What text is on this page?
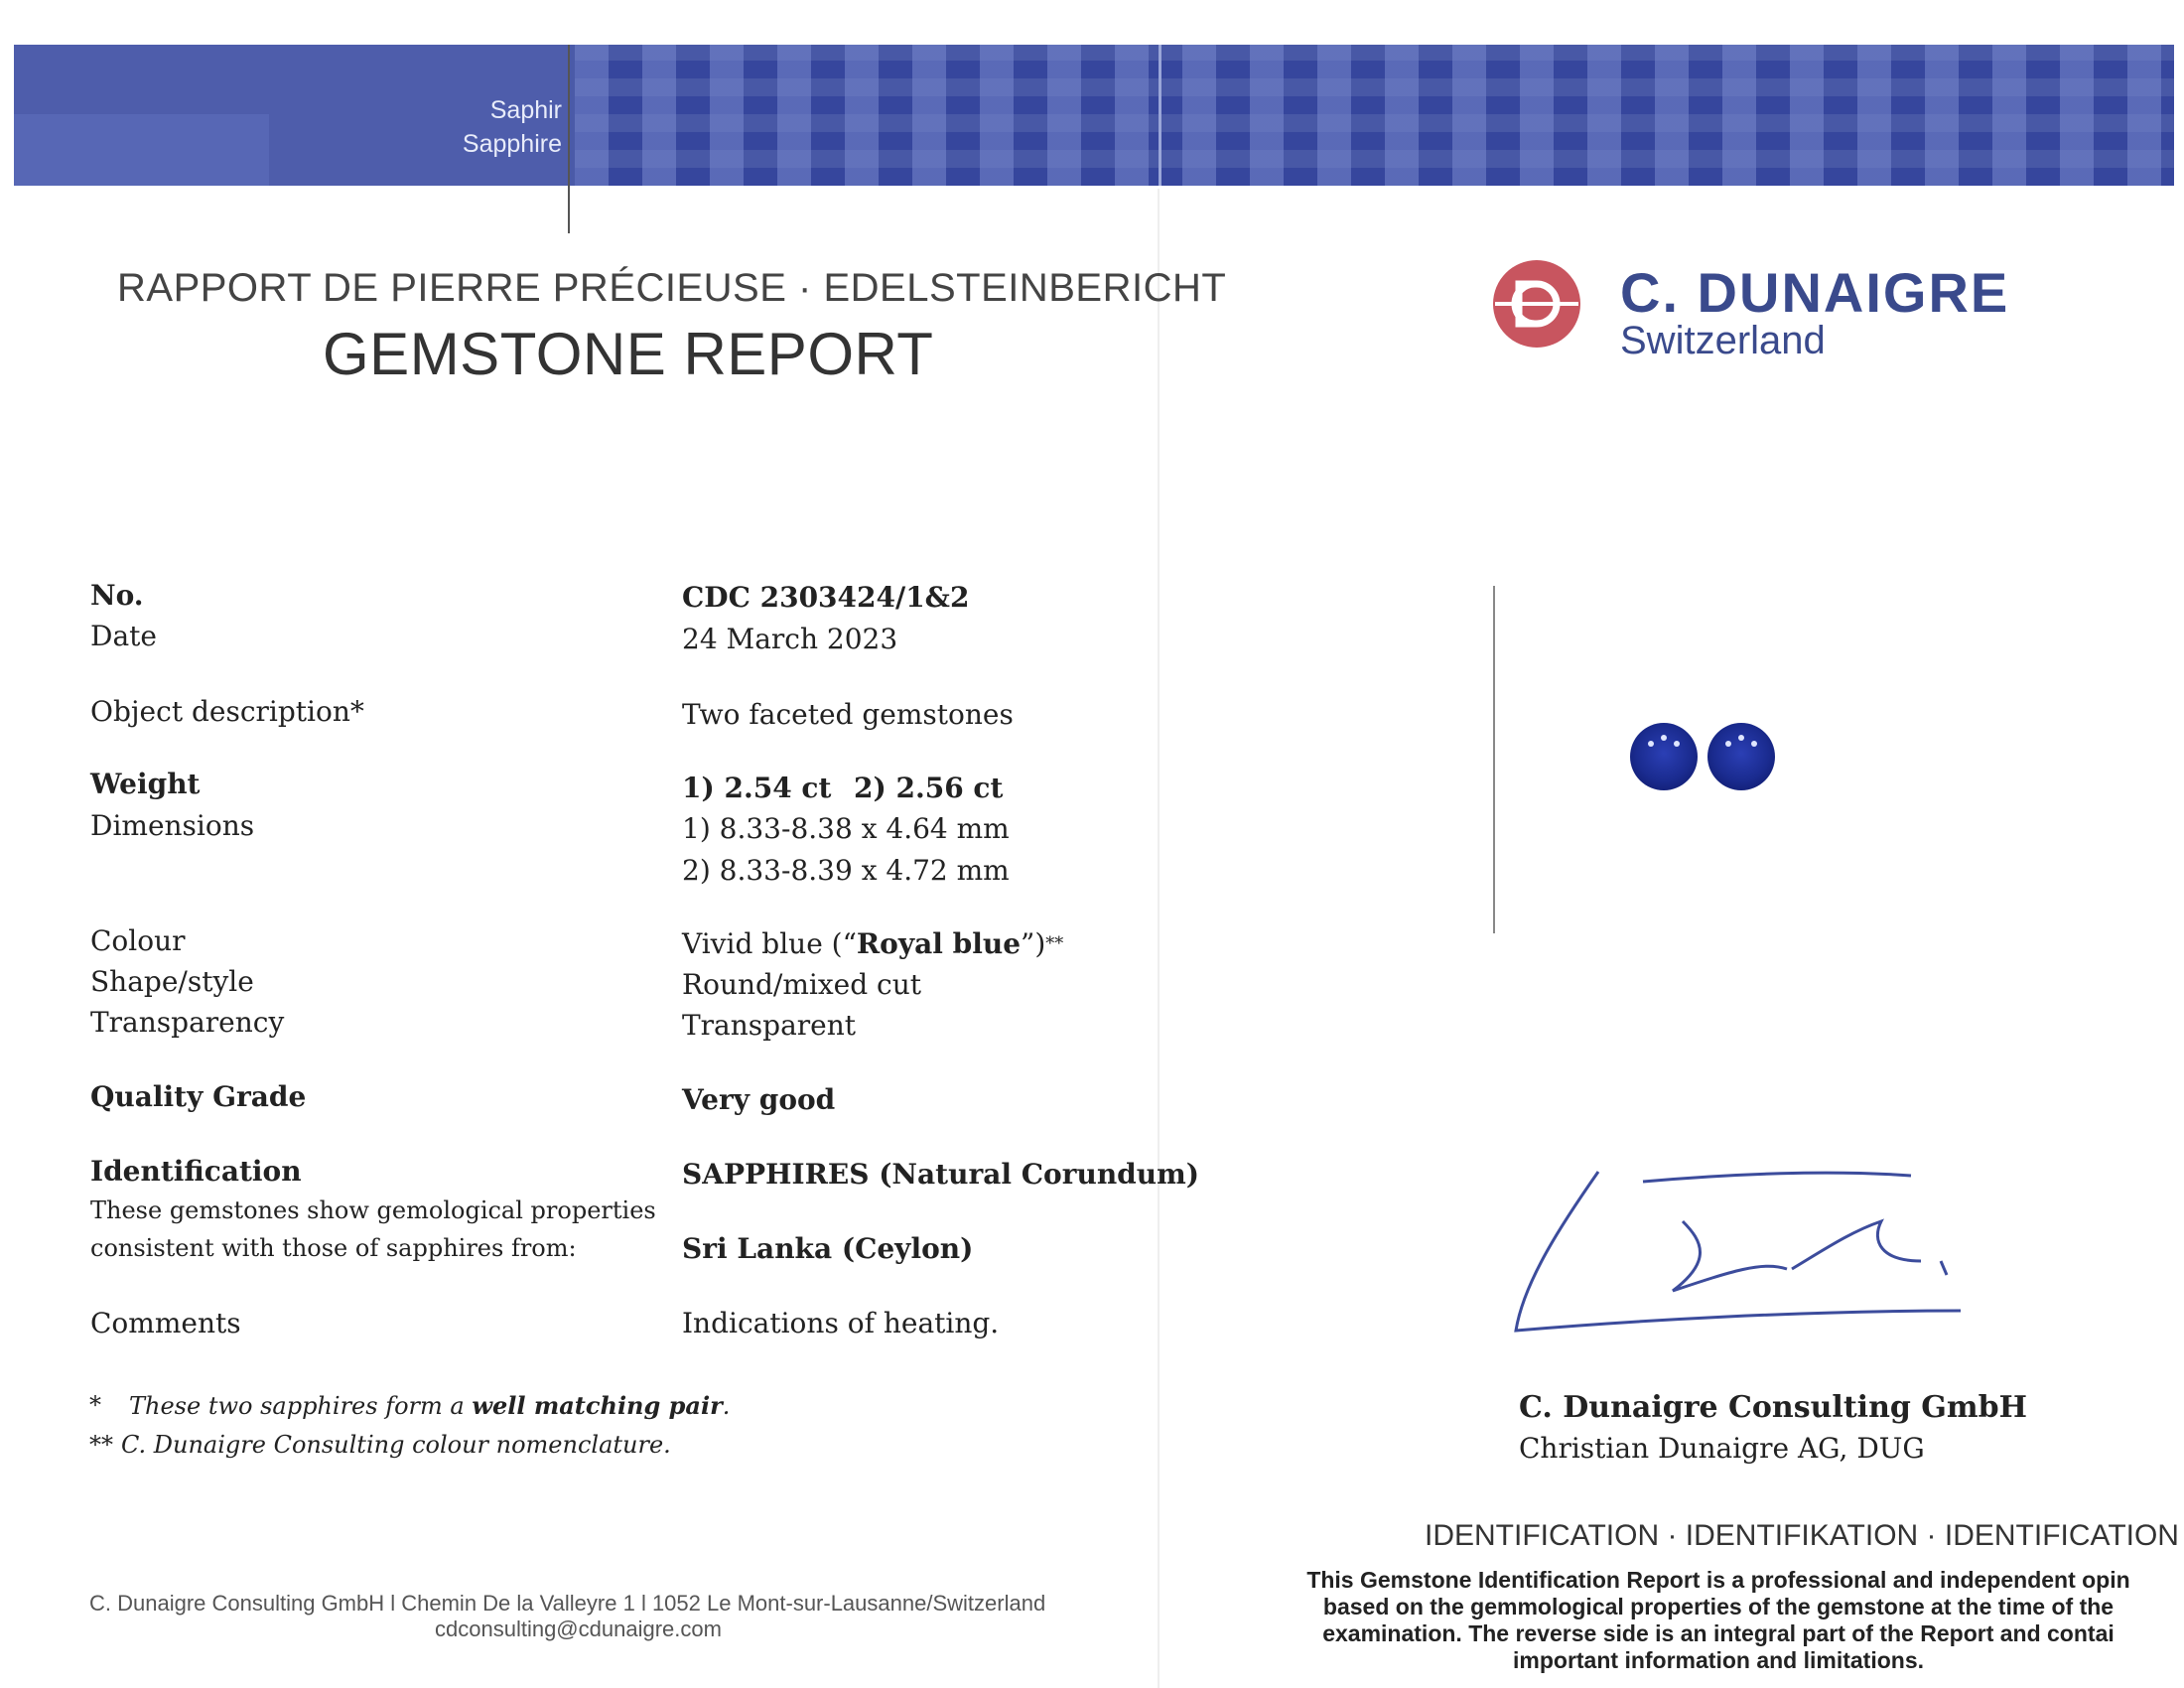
Saphir
Sapphire
RAPPORT DE PIERRE PRÉCIEUSE · EDELSTEINBERICHT
GEMSTONE REPORT
No.
Date
Object description*
Weight
Dimensions
Colour
Shape/style
Transparency
Quality Grade
Identification
These gemstones show gemological properties
consistent with those of sapphires from:
Comments
CDC 2303424/1&2
24 March 2023
Two faceted gemstones
1) 2.54 ct 2) 2.56 ct
1) 8.33-8.38 x 4.64 mm
2) 8.33-8.39 x 4.72 mm
Vivid blue (“Royal blue”)**
Round/mixed cut
Transparent
Very good
SAPPHIRES (Natural Corundum)
Sri Lanka (Ceylon)
Indications of heating.
* These two sapphires form a well matching pair.
** C. Dunaigre Consulting colour nomenclature.
C. Dunaigre Consulting GmbH l Chemin De la Valleyre 1 l 1052 Le Mont-sur-Lausanne/Switzerland
cdconsulting@cdunaigre.com
C. DUNAIGRE
Switzerland
C. Dunaigre Consulting GmbH
Christian Dunaigre AG, DUG
IDENTIFICATION · IDENTIFIKATION · IDENTIFICATION
This Gemstone Identification Report is a professional and independent opin
based on the gemmological properties of the gemstone at the time of the
examination. The reverse side is an integral part of the Report and contai
important information and limitations.
